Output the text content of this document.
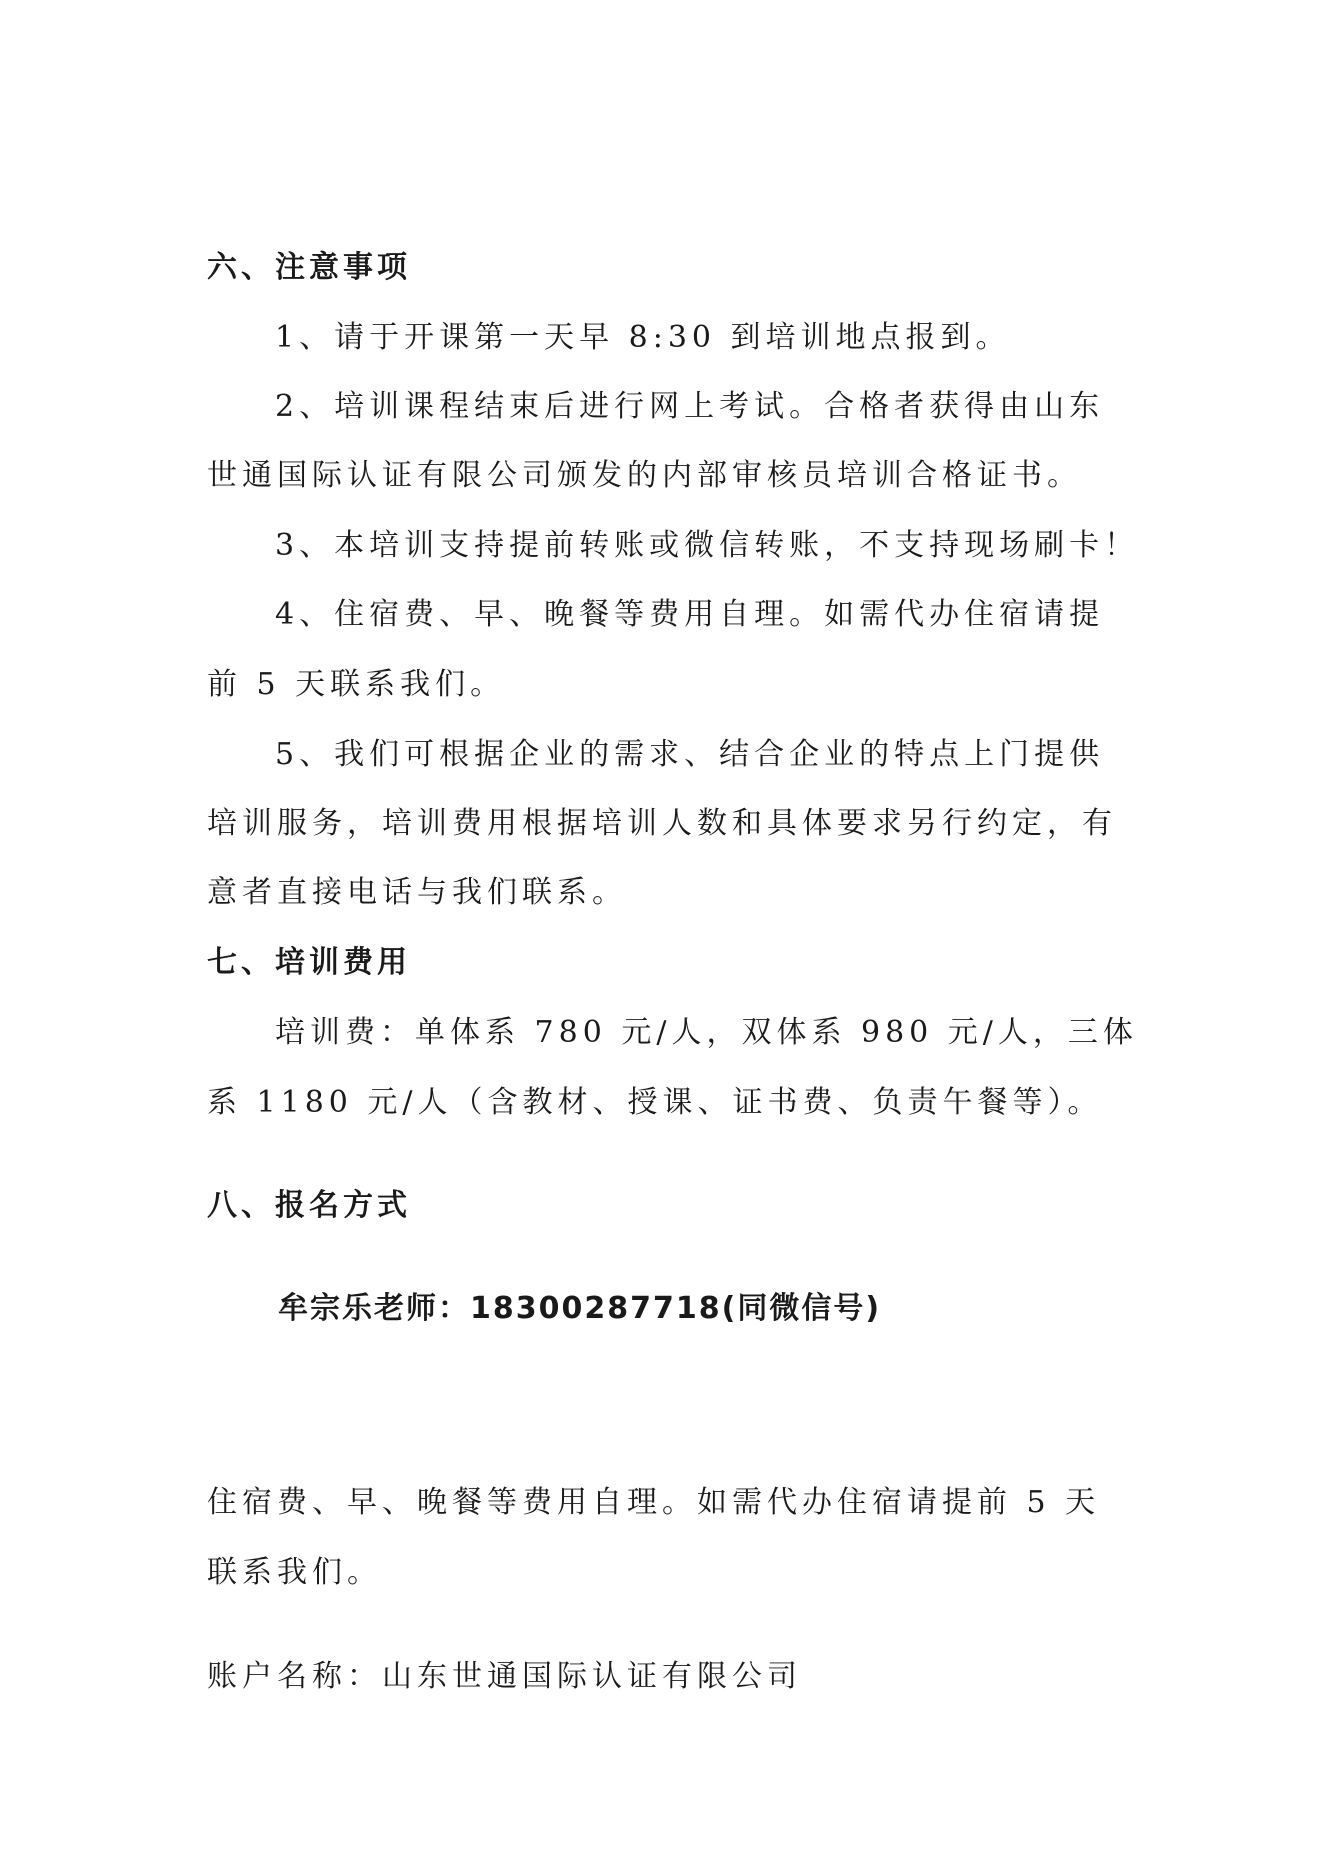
六、注意事项
1、请于开课第一天早 8:30 到培训地点报到。
2、培训课程结束后进行网上考试。合格者获得由山东
世通国际认证有限公司颁发的内部审核员培训合格证书。
3、本培训支持提前转账或微信转账，不支持现场刷卡！
4、住宿费、早、晚餐等费用自理。如需代办住宿请提
前 5 天联系我们。
5、我们可根据企业的需求、结合企业的特点上门提供
培训服务，培训费用根据培训人数和具体要求另行约定，有
意者直接电话与我们联系。
七、培训费用
培训费：单体系 780 元/人，双体系 980 元/人，三体
系 1180 元/人（含教材、授课、证书费、负责午餐等）。
八、报名方式
牟宗乐老师：18300287718(同微信号)
住宿费、早、晚餐等费用自理。如需代办住宿请提前 5 天
联系我们。
账户名称：山东世通国际认证有限公司
